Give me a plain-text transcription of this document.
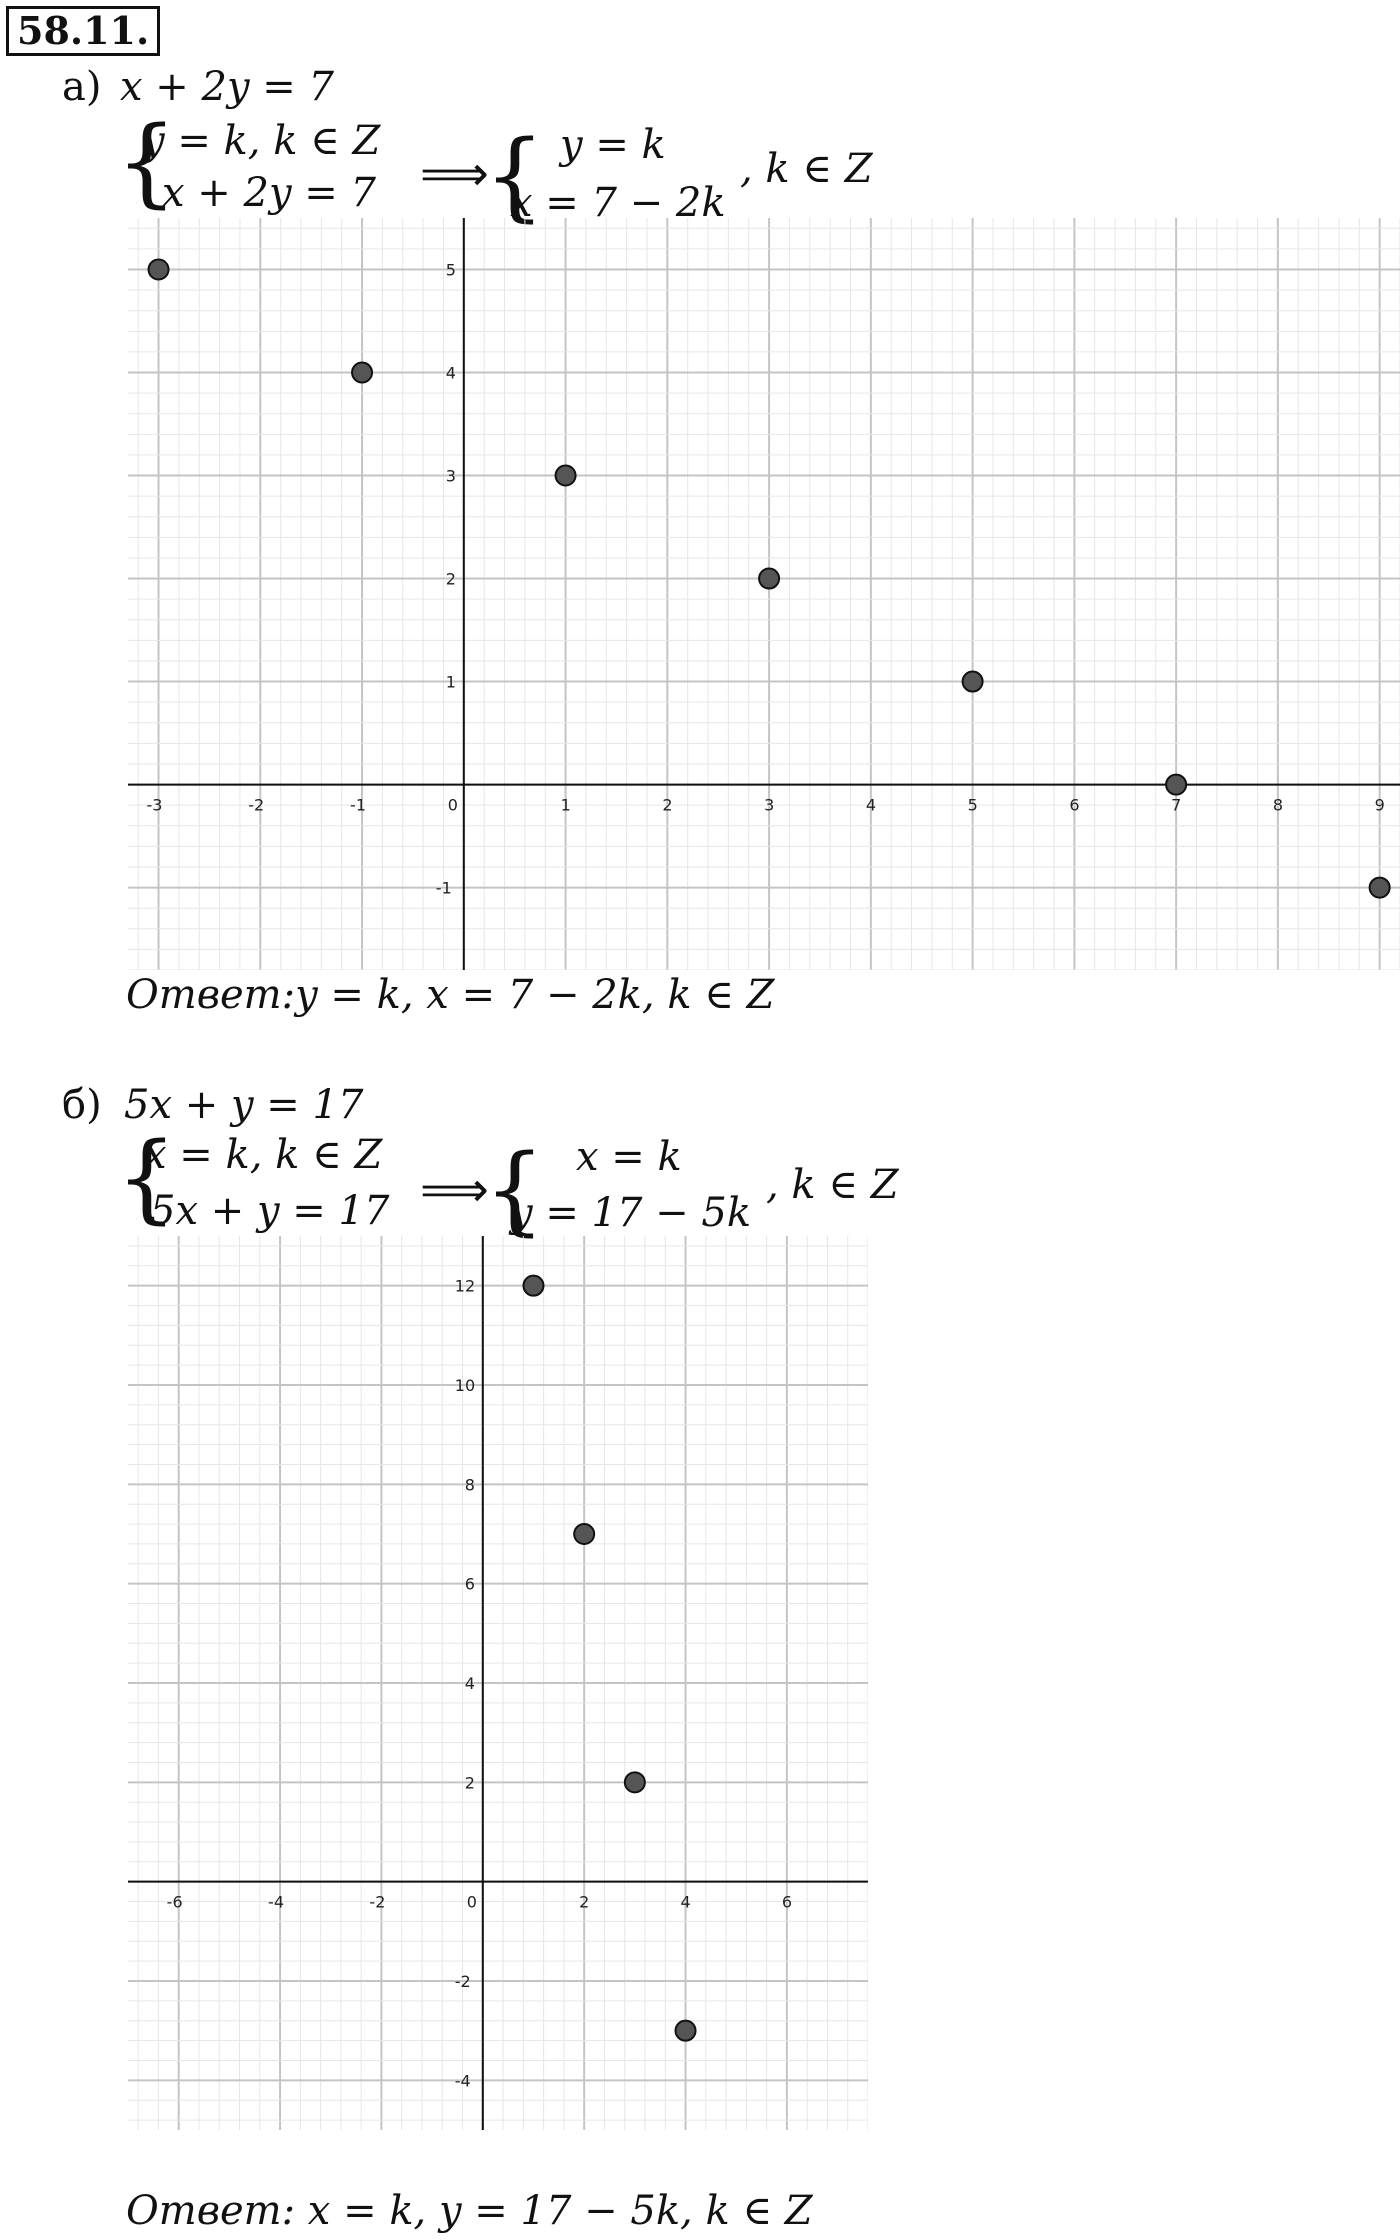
58.11.
а) x + 2y = 7
{
y = k, k ∈ Z
x + 2y = 7 ⟹
{ y = k
x = 7 − 2k
, k ∈ Z
-3	-2	-1	0	1	2	3	4	5	6	7	8	9
-1
1
2
3
4
5
Ответ:y = k, x = 7 − 2k, k ∈ Z
б) 5x + y = 17
{
x = k, k ∈ Z
5x + y = 17 ⟹
{ x = k
y = 17 − 5k
, k ∈ Z
-6	-4	-2	0	2	4	6
-4
-2
2
4
6
8
10
12
Ответ: x = k, y = 17 − 5k, k ∈ Z
